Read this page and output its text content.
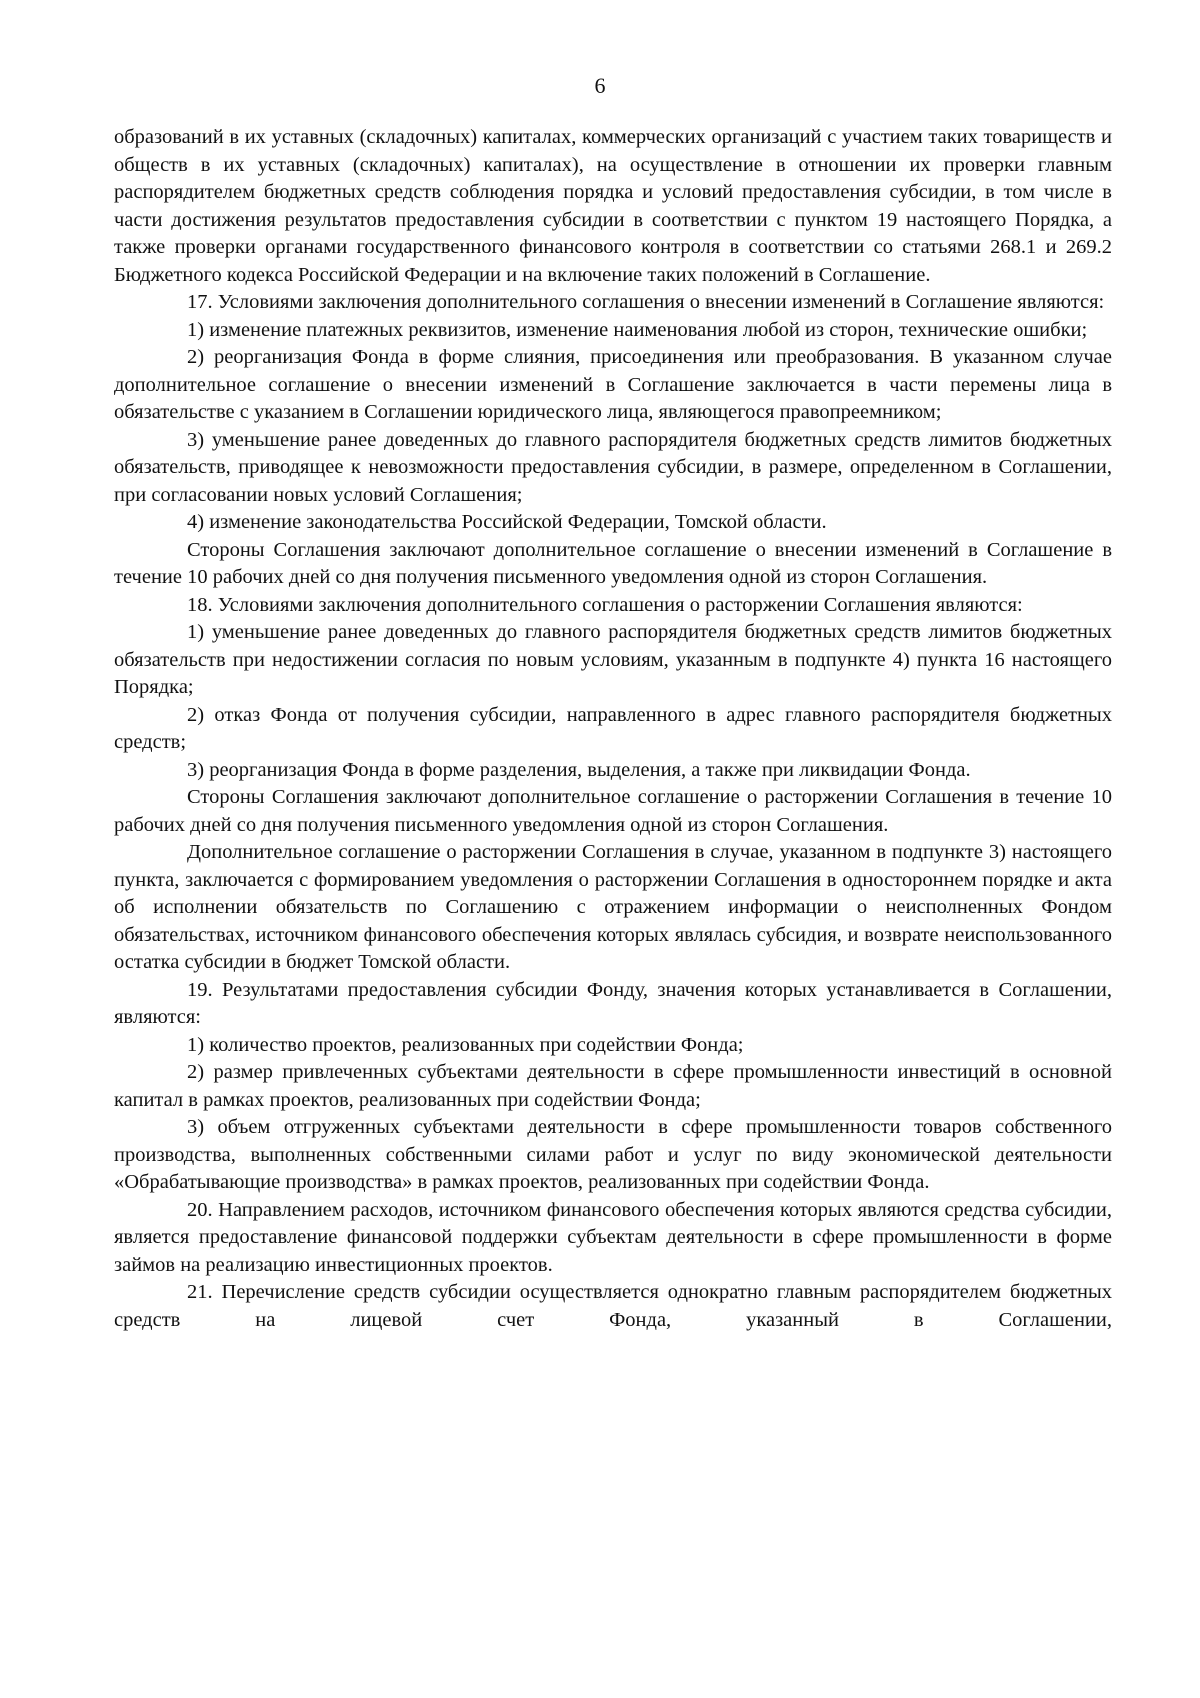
6

образований в их уставных (складочных) капиталах, коммерческих организаций с участием таких товариществ и обществ в их уставных (складочных) капиталах), на осуществление в отношении их проверки главным распорядителем бюджетных средств соблюдения порядка и условий предоставления субсидии, в том числе в части достижения результатов предоставления субсидии в соответствии с пунктом 19 настоящего Порядка, а также проверки органами государственного финансового контроля в соответствии со статьями 268.1 и 269.2 Бюджетного кодекса Российской Федерации и на включение таких положений в Соглашение.

17. Условиями заключения дополнительного соглашения о внесении изменений в Соглашение являются:

1) изменение платежных реквизитов, изменение наименования любой из сторон, технические ошибки;

2) реорганизация Фонда в форме слияния, присоединения или преобразования. В указанном случае дополнительное соглашение о внесении изменений в Соглашение заключается в части перемены лица в обязательстве с указанием в Соглашении юридического лица, являющегося правопреемником;

3) уменьшение ранее доведенных до главного распорядителя бюджетных средств лимитов бюджетных обязательств, приводящее к невозможности предоставления субсидии, в размере, определенном в Соглашении, при согласовании новых условий Соглашения;

4) изменение законодательства Российской Федерации, Томской области.

Стороны Соглашения заключают дополнительное соглашение о внесении изменений в Соглашение в течение 10 рабочих дней со дня получения письменного уведомления одной из сторон Соглашения.

18. Условиями заключения дополнительного соглашения о расторжении Соглашения являются:

1) уменьшение ранее доведенных до главного распорядителя бюджетных средств лимитов бюджетных обязательств при недостижении согласия по новым условиям, указанным в подпункте 4) пункта 16 настоящего Порядка;

2) отказ Фонда от получения субсидии, направленного в адрес главного распорядителя бюджетных средств;

3) реорганизация Фонда в форме разделения, выделения, а также при ликвидации Фонда.

Стороны Соглашения заключают дополнительное соглашение о расторжении Соглашения в течение 10 рабочих дней со дня получения письменного уведомления одной из сторон Соглашения.

Дополнительное соглашение о расторжении Соглашения в случае, указанном в подпункте 3) настоящего пункта, заключается с формированием уведомления о расторжении Соглашения в одностороннем порядке и акта об исполнении обязательств по Соглашению с отражением информации о неисполненных Фондом обязательствах, источником финансового обеспечения которых являлась субсидия, и возврате неиспользованного остатка субсидии в бюджет Томской области.

19. Результатами предоставления субсидии Фонду, значения которых устанавливается в Соглашении, являются:

1) количество проектов, реализованных при содействии Фонда;

2) размер привлеченных субъектами деятельности в сфере промышленности инвестиций в основной капитал в рамках проектов, реализованных при содействии Фонда;

3) объем отгруженных субъектами деятельности в сфере промышленности товаров собственного производства, выполненных собственными силами работ и услуг по виду экономической деятельности «Обрабатывающие производства» в рамках проектов, реализованных при содействии Фонда.

20. Направлением расходов, источником финансового обеспечения которых являются средства субсидии, является предоставление финансовой поддержки субъектам деятельности в сфере промышленности в форме займов на реализацию инвестиционных проектов.

21. Перечисление средств субсидии осуществляется однократно главным распорядителем бюджетных средств на лицевой счет Фонда, указанный в Соглашении,
